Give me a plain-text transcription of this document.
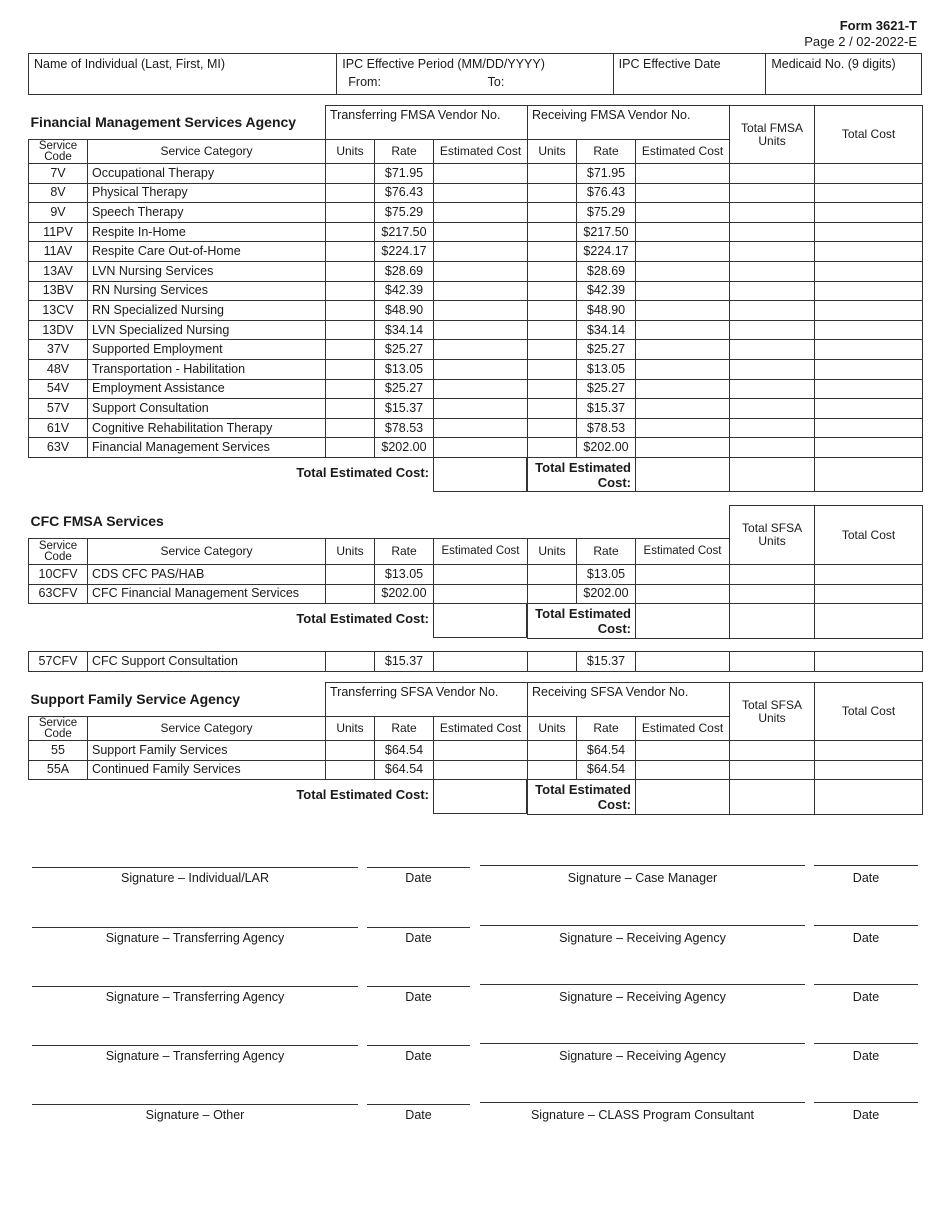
Form 3621-T
Page 2 / 02-2022-E
Name of Individual (Last, First, MI)	IPC Effective Period (MM/DD/YYYY)
From:	To:
IPC Effective Date	Medicaid No. (9 digits)
Financial Management Services Agency		Transferring FMSA Vendor No.			Receiving FMSA Vendor No.			Total FMSA Units	Total Cost
Service Code	Service Category	Units	Rate	Estimated Cost	Units	Rate	Estimated Cost		
7V	Occupational Therapy		$71.95			$71.95			
8V	Physical Therapy		$76.43			$76.43			
9V	Speech Therapy		$75.29			$75.29			
11PV	Respite In-Home		$217.50			$217.50			
11AV	Respite Care Out-of-Home		$224.17			$224.17			
13AV	LVN Nursing Services		$28.69			$28.69			
13BV	RN Nursing Services		$42.39			$42.39			
13CV	RN Specialized Nursing		$48.90			$48.90			
13DV	LVN Specialized Nursing		$34.14			$34.14			
37V	Supported Employment		$25.27			$25.27			
48V	Transportation - Habilitation		$13.05			$13.05			
54V	Employment Assistance		$25.27			$25.27			
57V	Support Consultation		$15.37			$15.37			
61V	Cognitive Rehabilitation Therapy		$78.53			$78.53			
63V	Financial Management Services		$202.00			$202.00			

Total Estimated Cost:					Total Estimated
Cost:				

CFC FMSA Services								Total SFSA Units	Total Cost
Service Code	Service Category	Units	Rate	Estimated Cost	Units	Rate	Estimated Cost		
10CFV	CDS CFC PAS/HAB		$13.05			$13.05			
63CFV	CFC Financial Management Services		$202.00			$202.00			

Total Estimated Cost:					Total Estimated
Cost:				

57CFV	CFC Support Consultation		$15.37			$15.37			
Support Family Service Agency		Transferring SFSA Vendor No.			Receiving SFSA Vendor No.			Total SFSA Units	Total Cost
Service Code	Service Category	Units	Rate	Estimated Cost	Units	Rate	Estimated Cost		
55	Support Family Services		$64.54			$64.54			
55A	Continued Family Services		$64.54			$64.54			

Total Estimated Cost:					Total Estimated
Cost:				

Signature – Individual/LAR	Date	Signature – Case Manager	Date
Signature – Transferring Agency	Date	Signature – Receiving Agency	Date
Signature – Transferring Agency	Date	Signature – Receiving Agency	Date
Signature – Transferring Agency	Date	Signature – Receiving Agency	Date
Signature – Other	Date	Signature – CLASS Program Consultant	Date
